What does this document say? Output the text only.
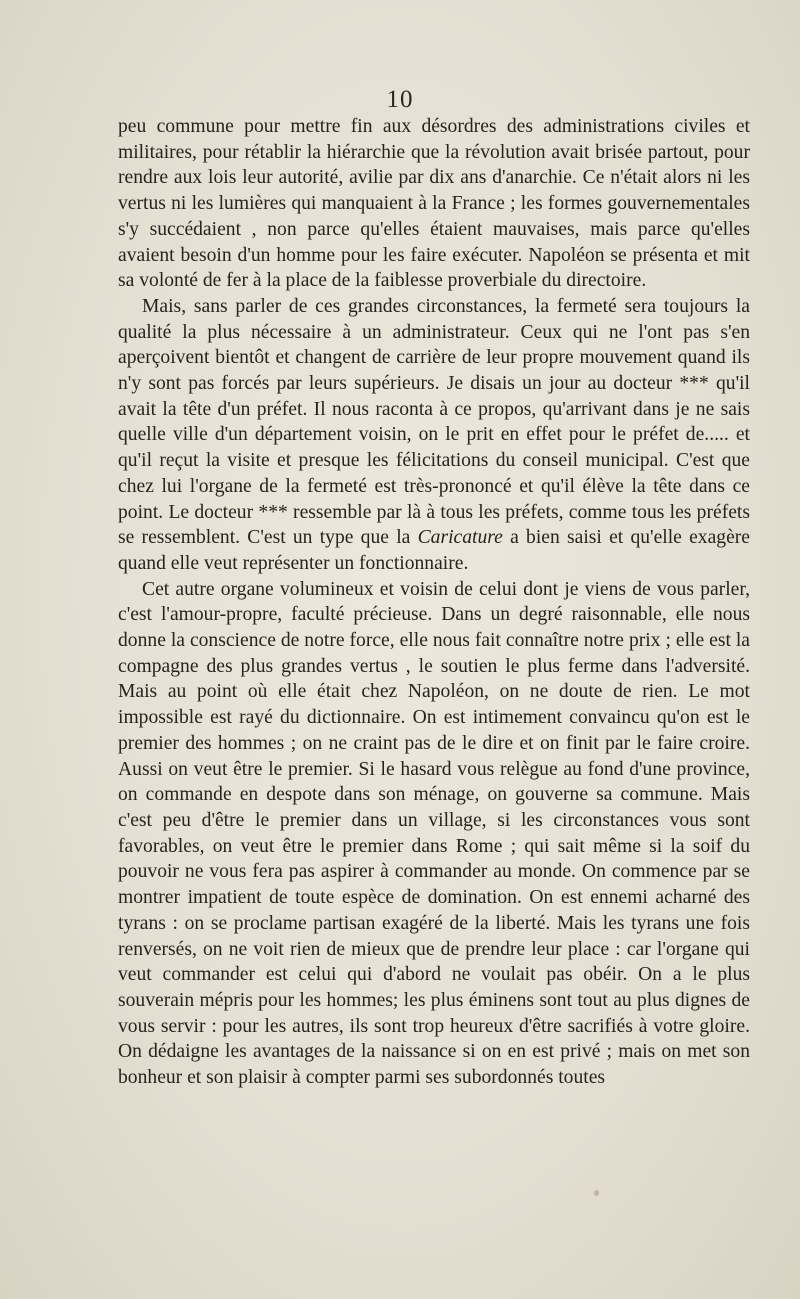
10

peu commune pour mettre fin aux désordres des administrations civiles et militaires, pour rétablir la hiérarchie que la révolution avait brisée partout, pour rendre aux lois leur autorité, avilie par dix ans d'anarchie. Ce n'était alors ni les vertus ni les lumières qui manquaient à la France ; les formes gouvernementales s'y succédaient , non parce qu'elles étaient mauvaises, mais parce qu'elles avaient besoin d'un homme pour les faire exécuter. Napoléon se présenta et mit sa volonté de fer à la place de la faiblesse proverbiale du directoire.

Mais, sans parler de ces grandes circonstances, la fermeté sera toujours la qualité la plus nécessaire à un administrateur. Ceux qui ne l'ont pas s'en aperçoivent bientôt et changent de carrière de leur propre mouvement quand ils n'y sont pas forcés par leurs supérieurs. Je disais un jour au docteur *** qu'il avait la tête d'un préfet. Il nous raconta à ce propos, qu'arrivant dans je ne sais quelle ville d'un département voisin, on le prit en effet pour le préfet de..... et qu'il reçut la visite et presque les félicitations du conseil municipal. C'est que chez lui l'organe de la fermeté est très-prononcé et qu'il élève la tête dans ce point. Le docteur *** ressemble par là à tous les préfets, comme tous les préfets se ressemblent. C'est un type que la Caricature a bien saisi et qu'elle exagère quand elle veut représenter un fonctionnaire.

Cet autre organe volumineux et voisin de celui dont je viens de vous parler, c'est l'amour-propre, faculté précieuse. Dans un degré raisonnable, elle nous donne la conscience de notre force, elle nous fait connaître notre prix ; elle est la compagne des plus grandes vertus , le soutien le plus ferme dans l'adversité. Mais au point où elle était chez Napoléon, on ne doute de rien. Le mot impossible est rayé du dictionnaire. On est intimement convaincu qu'on est le premier des hommes ; on ne craint pas de le dire et on finit par le faire croire. Aussi on veut être le premier. Si le hasard vous relègue au fond d'une province, on commande en despote dans son ménage, on gouverne sa commune. Mais c'est peu d'être le premier dans un village, si les circonstances vous sont favorables, on veut être le premier dans Rome ; qui sait même si la soif du pouvoir ne vous fera pas aspirer à commander au monde. On commence par se montrer impatient de toute espèce de domination. On est ennemi acharné des tyrans : on se proclame partisan exagéré de la liberté. Mais les tyrans une fois renversés, on ne voit rien de mieux que de prendre leur place : car l'organe qui veut commander est celui qui d'abord ne voulait pas obéir. On a le plus souverain mépris pour les hommes; les plus éminens sont tout au plus dignes de vous servir : pour les autres, ils sont trop heureux d'être sacrifiés à votre gloire. On dédaigne les avantages de la naissance si on en est privé ; mais on met son bonheur et son plaisir à compter parmi ses subordonnés toutes
